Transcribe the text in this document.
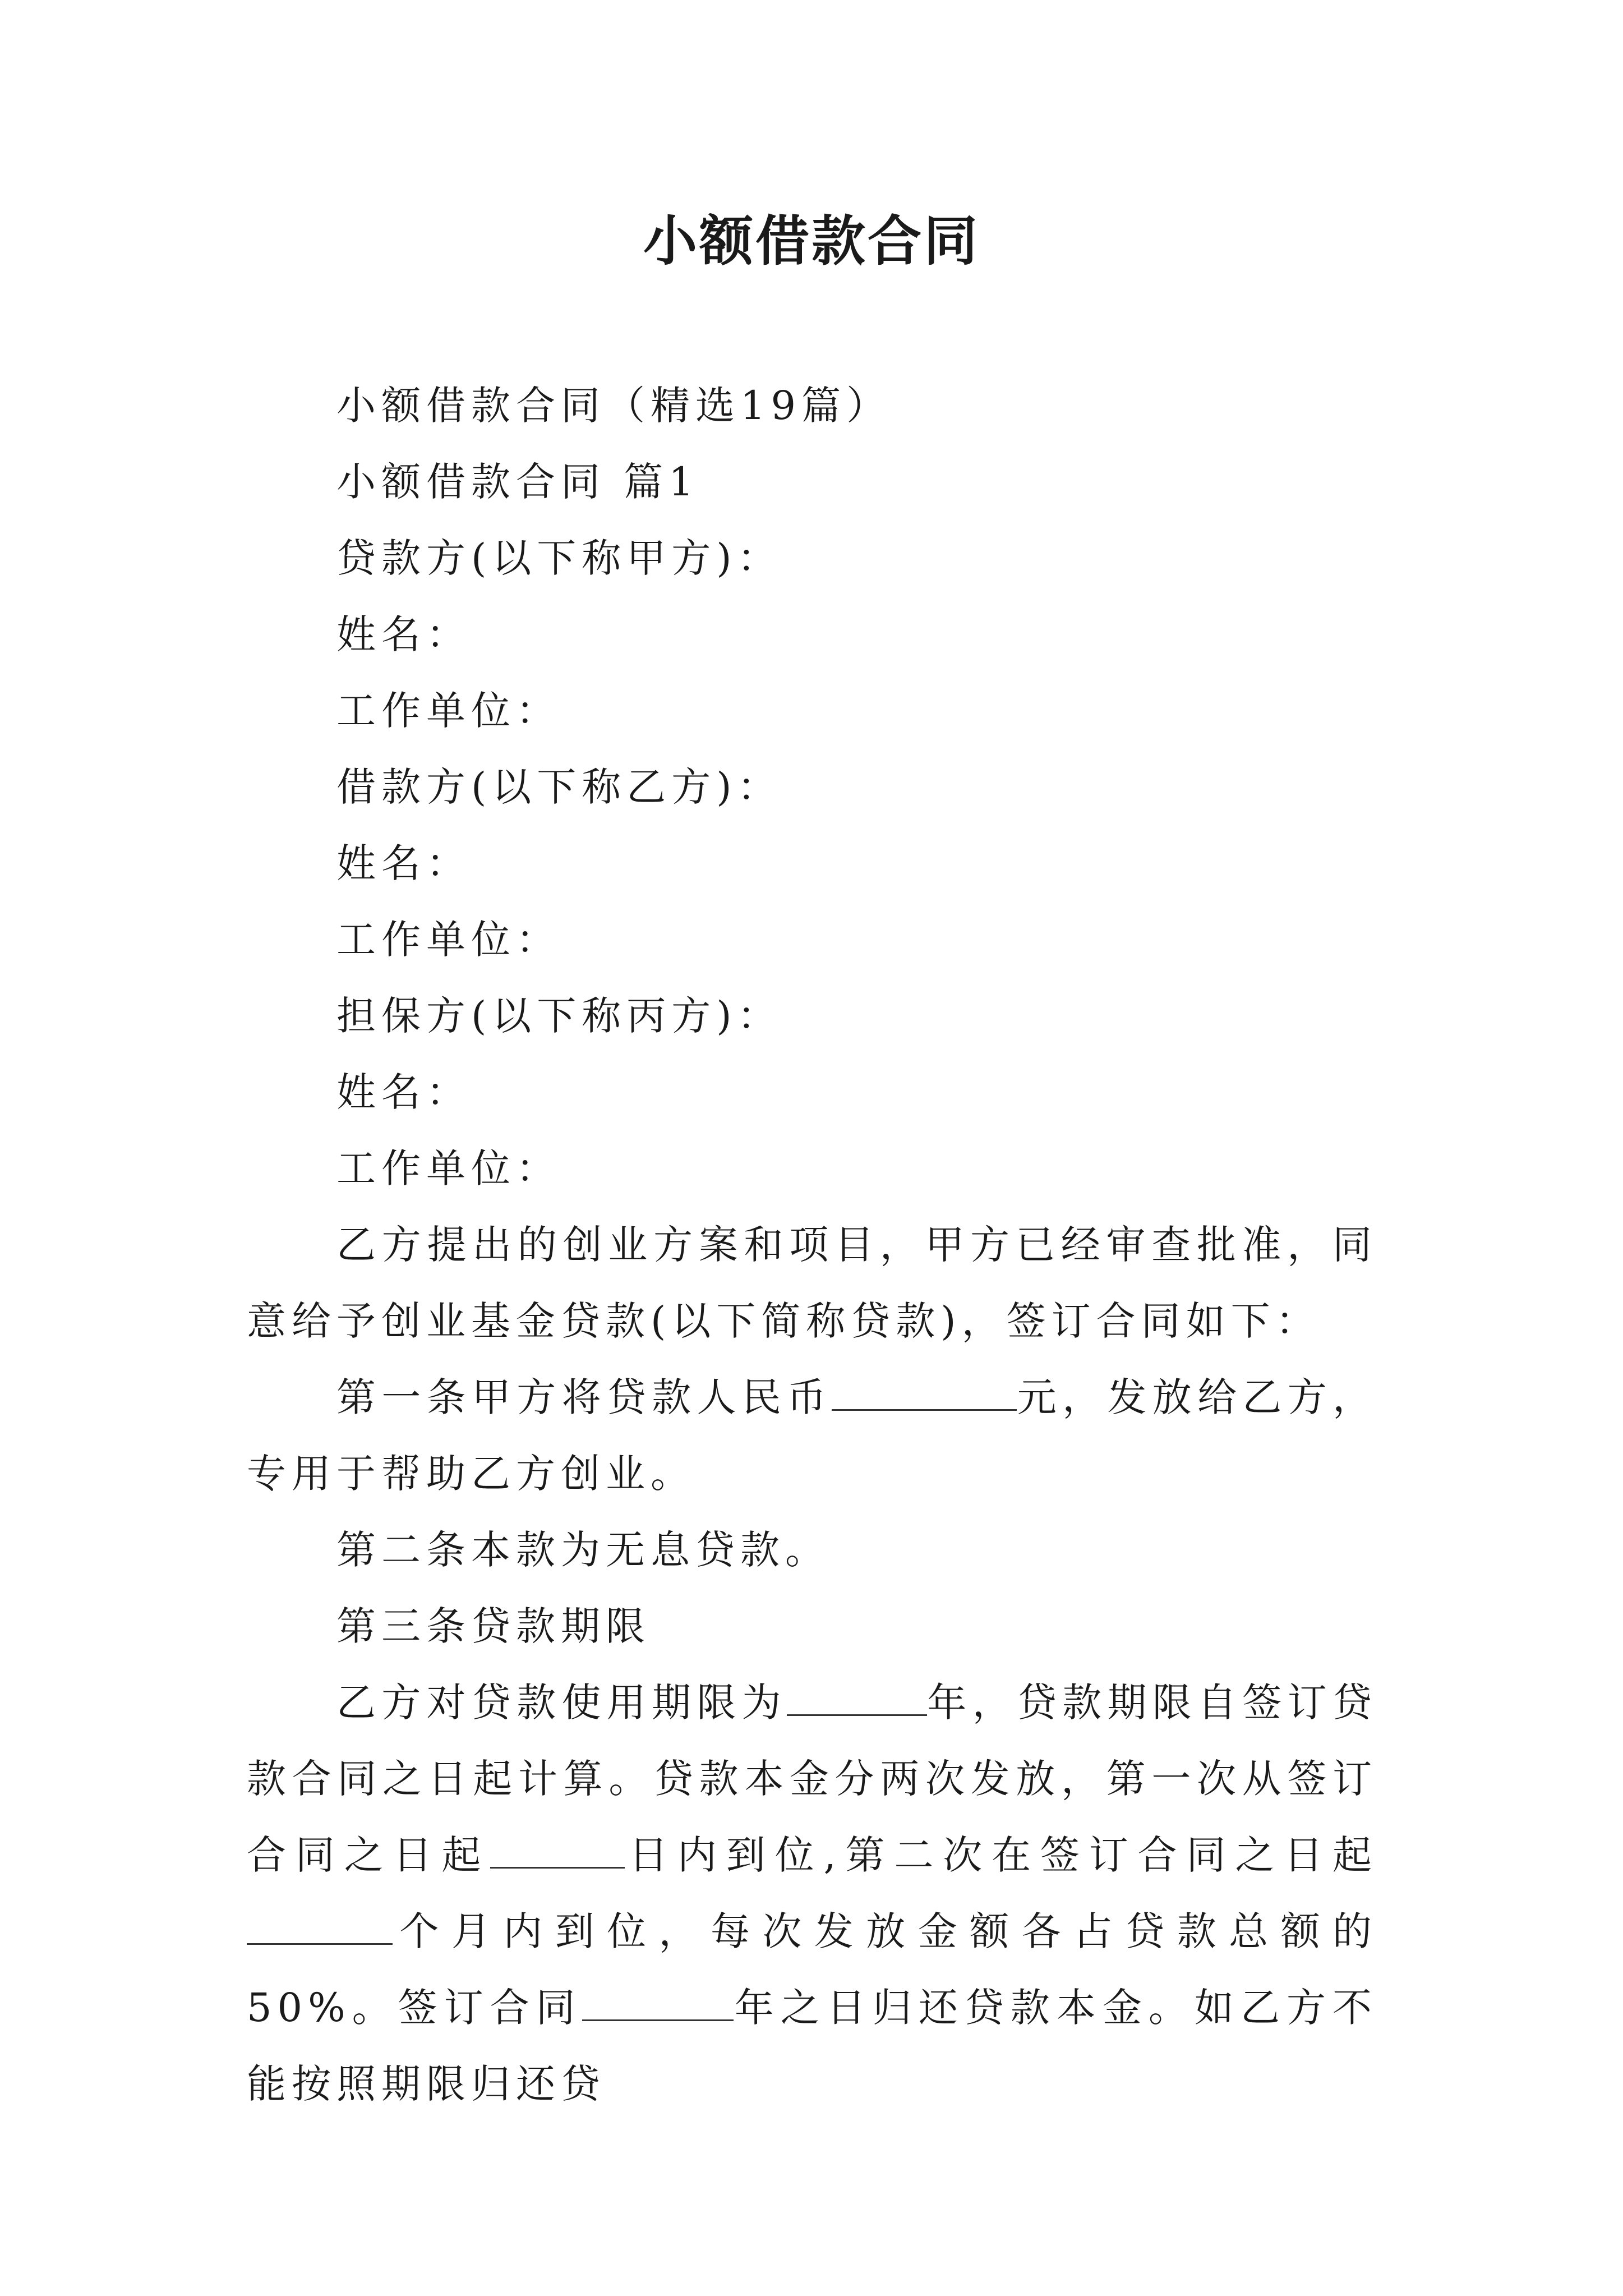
小额借款合同

小额借款合同（精选19篇）

小额借款合同 篇1

贷款方(以下称甲方)：

姓名：

工作单位：

借款方(以下称乙方)：

姓名：

工作单位：

担保方(以下称丙方)：

姓名：

工作单位：

乙方提出的创业方案和项目，甲方已经审查批准，同意给予创业基金贷款(以下简称贷款)，签订合同如下：

第一条甲方将贷款人民币	元，发放给乙方，专用于帮助乙方创业。

第二条本款为无息贷款。

第三条贷款期限

乙方对贷款使用期限为	年，贷款期限自签订贷款合同之日起计算。贷款本金分两次发放，第一次从签订合同之日起	日内到位,第二次在签订合同之日起个月内到位，每次发放金额各占贷款总额的50%。签订合同	年之日归还贷款本金。如乙方不能按照期限归还贷
